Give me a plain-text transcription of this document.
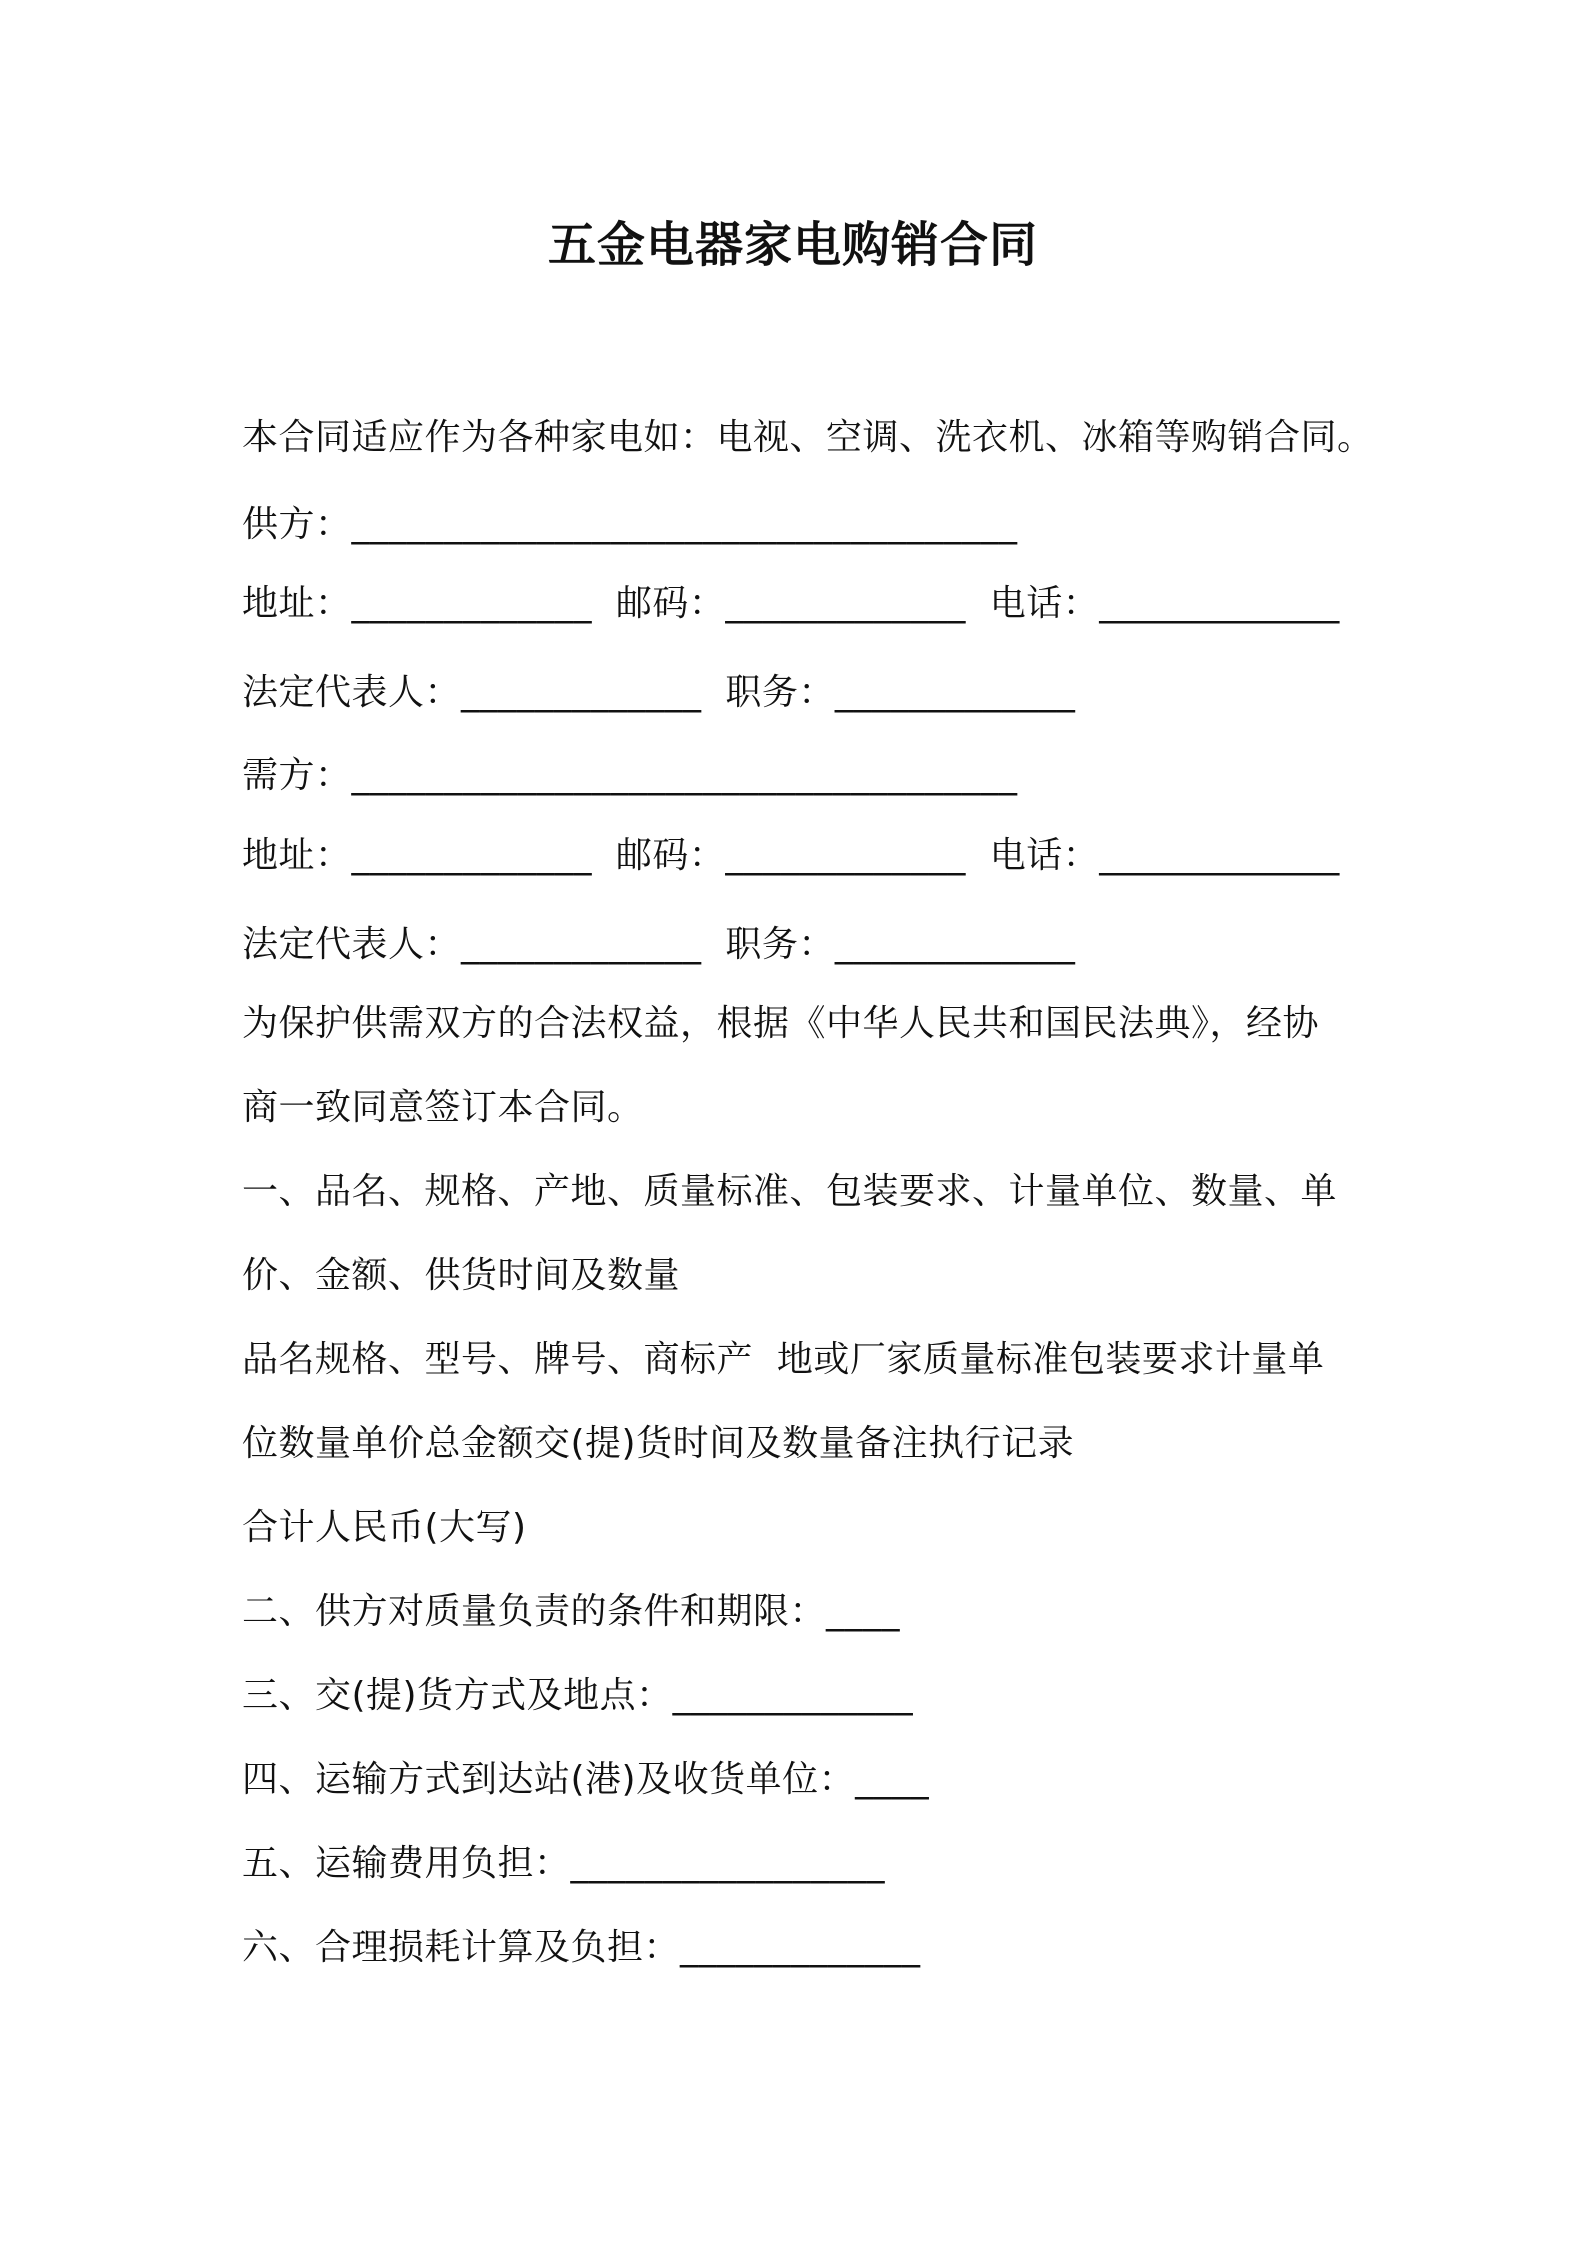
五金电器家电购销合同
本合同适应作为各种家电如：电视、空调、洗衣机、冰箱等购销合同。
供方：____________________________________
地址：_____________  邮码：_____________  电话：_____________
法定代表人：_____________  职务：_____________
需方：____________________________________
地址：_____________  邮码：_____________  电话：_____________
法定代表人：_____________  职务：_____________
为保护供需双方的合法权益，根据《中华人民共和国民法典》，经协
商一致同意签订本合同。
一、品名、规格、产地、质量标准、包装要求、计量单位、数量、单
价、金额、供货时间及数量
品名规格、型号、牌号、商标产  地或厂家质量标准包装要求计量单
位数量单价总金额交(提)货时间及数量备注执行记录
合计人民币(大写)
二、供方对质量负责的条件和期限：____
三、交(提)货方式及地点：_____________
四、运输方式到达站(港)及收货单位：____
五、运输费用负担：_________________
六、合理损耗计算及负担：_____________
